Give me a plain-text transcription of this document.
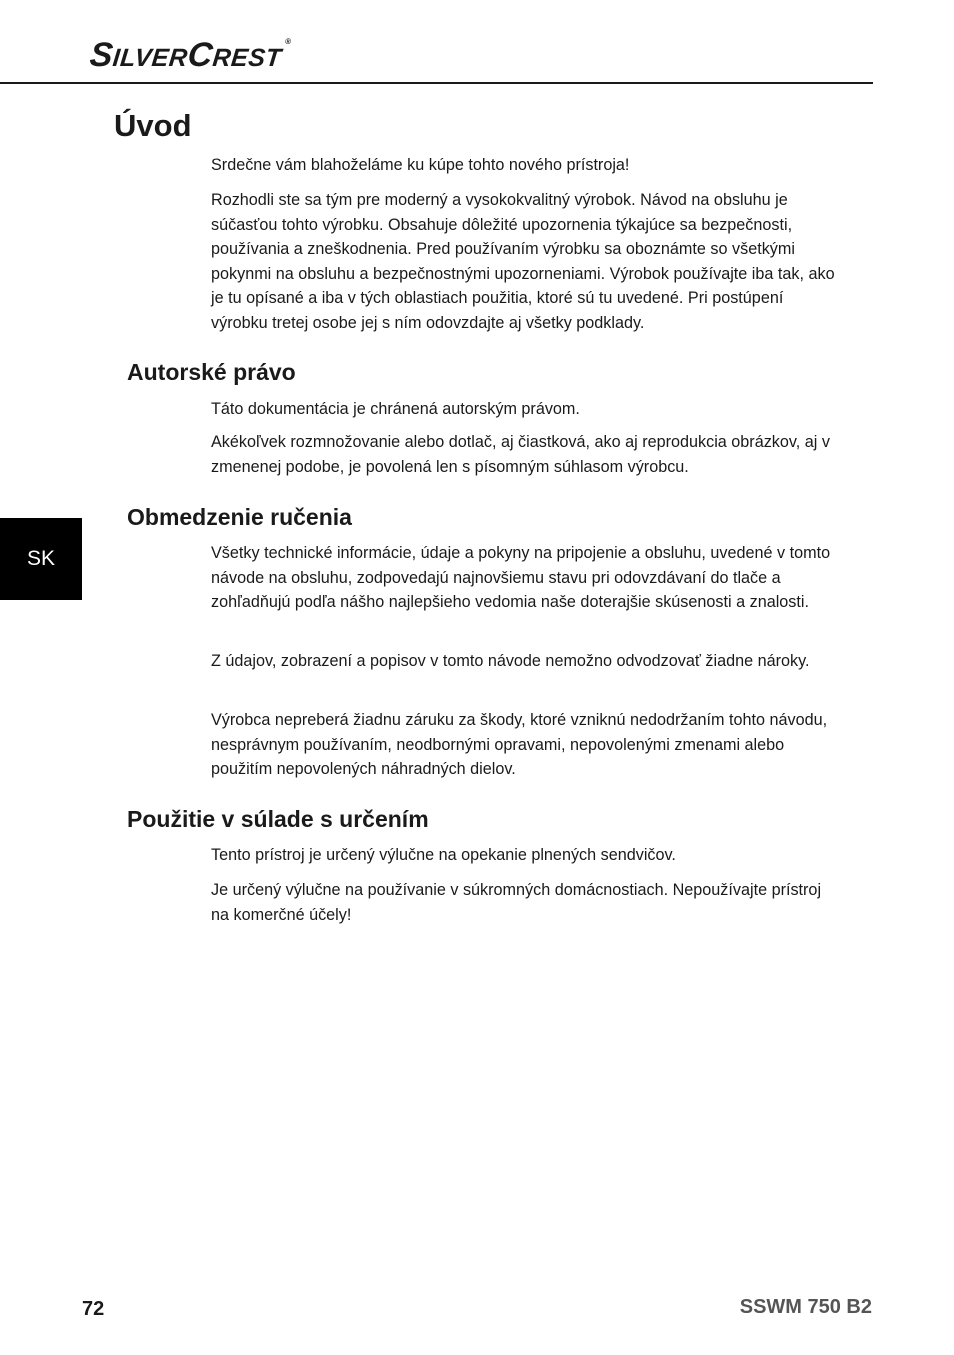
SILVERCREST®
SK
Úvod

Srdečne vám blahoželáme ku kúpe tohto nového prístroja!

Rozhodli ste sa tým pre moderný a vysokokvalitný výrobok. Návod na obsluhu je súčasťou tohto výrobku. Obsahuje dôležité upozornenia týkajúce sa bezpečnosti, používania a zneškodnenia. Pred používaním výrobku sa oboznámte so všetkými pokynmi na obsluhu a bezpečnostnými upozorneniami. Výrobok používajte iba tak, ako je tu opísané a iba v tých oblastiach použitia, ktoré sú tu uvedené. Pri postúpení výrobku tretej osobe jej s ním odovzdajte aj všetky podklady.

Autorské právo

Táto dokumentácia je chránená autorským právom.

Akékoľvek rozmnožovanie alebo dotlač, aj čiastková, ako aj reprodukcia obrázkov, aj v zmenenej podobe, je povolená len s písomným súhlasom výrobcu.

Obmedzenie ručenia

Všetky technické informácie, údaje a pokyny na pripojenie a obsluhu, uvedené v tomto návode na obsluhu, zodpovedajú najnovšiemu stavu pri odovzdávaní do tlače a zohľadňujú podľa nášho najlepšieho vedomia naše doterajšie skúsenosti a znalosti.

Z údajov, zobrazení a popisov v tomto návode nemožno odvodzovať žiadne nároky.

Výrobca nepreberá žiadnu záruku za škody, ktoré vzniknú nedodržaním tohto návodu, nesprávnym používaním, neodbornými opravami, nepovolenými zmenami alebo použitím nepovolených náhradných dielov.

Použitie v súlade s určením

Tento prístroj je určený výlučne na opekanie plnených sendvičov.

Je určený výlučne na používanie v súkromných domácnostiach. Nepoužívajte prístroj na komerčné účely!

72	SSWM 750 B2
